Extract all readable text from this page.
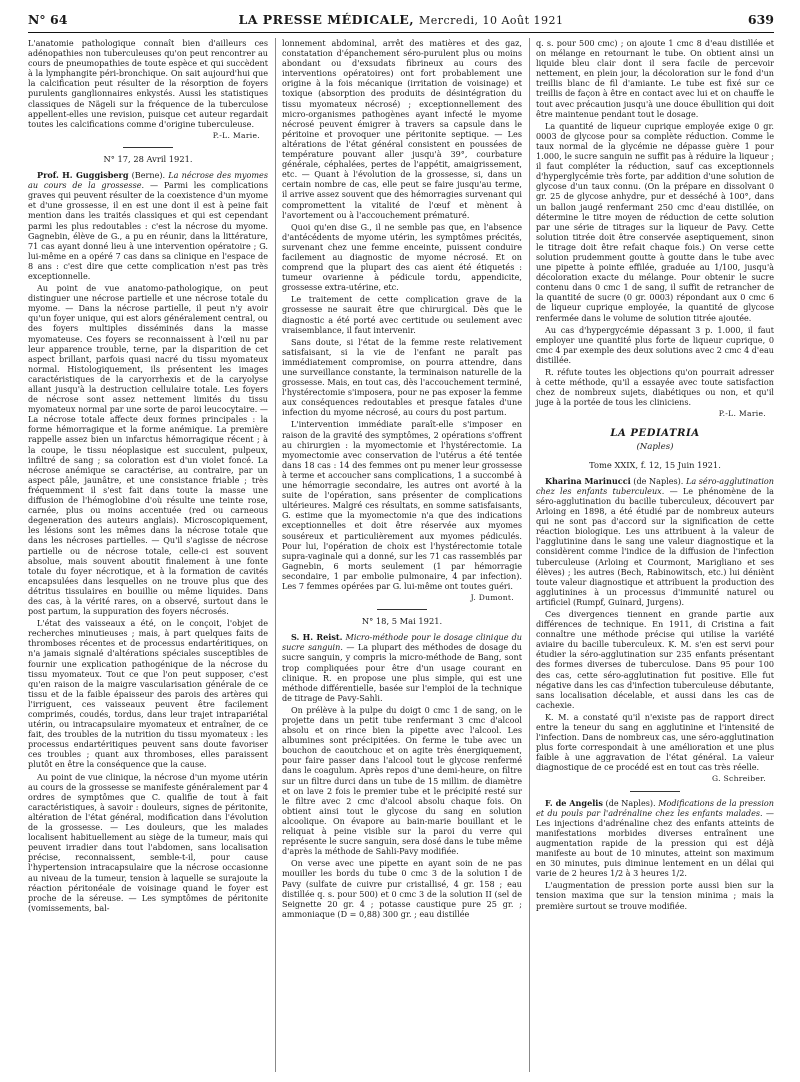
N° 64	LA PRESSE MÉDICALE, Mercredi, 10 Août 1921	639

L'anatomie pathologique connaît bien d'ailleurs ces adénopathies non tuberculeuses qu'on peut rencontrer au cours de pneumopathies de toute espèce et qui succèdent à la lymphangite péri-bronchique. On sait aujourd'hui que la calcification peut résulter de la résorption de foyers purulents ganglionnaires enkystés. Aussi les statistiques classiques de Nägeli sur la fréquence de la tuberculose appellent-elles une revision, puisque cet auteur regardait toutes les calcifications comme d'origine tuberculeuse.

P.-L. Marie.
N° 17, 28 Avril 1921.

Prof. H. Guggisberg (Berne). La nécrose des myomes au cours de la grossesse. — Parmi les complications graves qui peuvent résulter de la coexistence d'un myome et d'une grossesse, il en est une dont il est à peine fait mention dans les traités classiques et qui est cependant parmi les plus redoutables : c'est la nécrose du myome. Gagnebin, élève de G., a pu en réunir, dans la littérature, 71 cas ayant donné lieu à une intervention opératoire ; G. lui-même en a opéré 7 cas dans sa clinique en l'espace de 8 ans : c'est dire que cette complication n'est pas très exceptionnelle.

Au point de vue anatomo-pathologique, on peut distinguer une nécrose partielle et une nécrose totale du myome. — Dans la nécrose partielle, il peut n'y avoir qu'un foyer unique, qui est alors généralement central, ou des foyers multiples disséminés dans la masse myomateuse. Ces foyers se reconnaissent à l'œil nu par leur apparence trouble, terne, par la disparition de cet aspect brillant, parfois quasi nacré du tissu myomateux normal. Histologiquement, ils présentent les images caractéristiques de la caryorrhexis et de la caryolyse allant jusqu'à la destruction cellulaire totale. Les foyers de nécrose sont assez nettement limités du tissu myomateux normal par une sorte de paroi leucocytaire. — La nécrose totale affecte deux formes principales : la forme hémorragique et la forme anémique. La première rappelle assez bien un infarctus hémorragique récent ; à la coupe, le tissu néoplasique est succulent, pulpeux, infiltré de sang ; sa coloration est d'un violet foncé. La nécrose anémique se caractérise, au contraire, par un aspect pâle, jaunâtre, et une consistance friable ; très fréquemment il s'est fait dans toute la masse une diffusion de l'hémoglobine d'où résulte une teinte rose, carnée, plus ou moins accentuée (red ou carneous degeneration des auteurs anglais). Microscopiquement, les lésions sont les mêmes dans la nécrose totale que dans les nécroses partielles. — Qu'il s'agisse de nécrose partielle ou de nécrose totale, celle-ci est souvent absolue, mais souvent aboutit finalement à une fonte totale du foyer nécrotique, et à la formation de cavités encapsulées dans lesquelles on ne trouve plus que des détritus tissulaires en bouillie ou même liquides. Dans des cas, à la vérité rares, on a observé, surtout dans le post partum, la suppuration des foyers nécrosés.

L'état des vaisseaux a été, on le conçoit, l'objet de recherches minutieuses ; mais, à part quelques faits de thromboses récentes et de processus endartéritiques, on n'a jamais signalé d'altérations spéciales susceptibles de fournir une explication pathogénique de la nécrose du tissu myomateux. Tout ce que l'on peut supposer, c'est qu'en raison de la maigre vascularisation générale de ce tissu et de la faible épaisseur des parois des artères qui l'irriguent, ces vaisseaux peuvent être facilement comprimés, coudés, tordus, dans leur trajet intrapariétal utérin, ou intracapsulaire myomateux et entraîner, de ce fait, des troubles de la nutrition du tissu myomateux : les processus endartéritiques peuvent sans doute favoriser ces troubles ; quant aux thromboses, elles paraissent plutôt en être la conséquence que la cause.

Au point de vue clinique, la nécrose d'un myome utérin au cours de la grossesse se manifeste généralement par 4 ordres de symptômes que C. qualifie de tout à fait caractéristiques, à savoir : douleurs, signes de péritonite, altération de l'état général, modification dans l'évolution de la grossesse. — Les douleurs, que les malades localisent habituellement au siège de la tumeur, mais qui peuvent irradier dans tout l'abdomen, sans localisation précise, reconnaissent, semble-t-il, pour cause l'hypertension intracapsulaire que la nécrose occasionne au niveau de la tumeur, tension à laquelle se surajoute la réaction péritonéale de voisinage quand le foyer est proche de la séreuse. — Les symptômes de péritonite (vomissements, bal-

lonnement abdominal, arrêt des matières et des gaz, constatation d'épanchement séro-purulent plus ou moins abondant ou d'exsudats fibrineux au cours des interventions opératoires) ont fort probablement une origine à la fois mécanique (irritation de voisinage) et toxique (absorption des produits de désintégration du tissu myomateux nécrosé) ; exceptionnellement des micro-organismes pathogènes ayant infecté le myome nécrosé peuvent émigrer à travers sa capsule dans le péritoine et provoquer une péritonite septique. — Les altérations de l'état général consistent en poussées de température pouvant aller jusqu'à 39°, courbature générale, céphalées, pertes de l'appétit, amaigrissement, etc. — Quant à l'évolution de la grossesse, si, dans un certain nombre de cas, elle peut se faire jusqu'au terme, il arrive assez souvent que des hémorragies survenant qui compromettent la vitalité de l'œuf et mènent à l'avortement ou à l'accouchement prématuré.

Quoi qu'en dise G., il ne semble pas que, en l'absence d'antécédents de myome utérin, les symptômes précités, survenant chez une femme enceinte, puissent conduire facilement au diagnostic de myome nécrosé. Et on comprend que la plupart des cas aient été étiquetés : tumeur ovarienne à pédicule tordu, appendicite, grossesse extra-utérine, etc.

Le traitement de cette complication grave de la grossesse ne saurait être que chirurgical. Dès que le diagnostic a été porté avec certitude ou seulement avec vraisemblance, il faut intervenir.

Sans doute, si l'état de la femme reste relativement satisfaisant, si la vie de l'enfant ne paraît pas immédiatement compromise, on pourra attendre, dans une surveillance constante, la terminaison naturelle de la grossesse. Mais, en tout cas, dès l'accouchement terminé, l'hystérectomie s'imposera, pour ne pas exposer la femme aux conséquences redoutables et presque fatales d'une infection du myome nécrosé, au cours du post partum.

L'intervention immédiate paraît-elle s'imposer en raison de la gravité des symptômes, 2 opérations s'offrent au chirurgien : la myomectomie et l'hystérectomie. La myomectomie avec conservation de l'utérus a été tentée dans 18 cas : 14 des femmes ont pu mener leur grossesse à terme et accoucher sans complications, 1 a succombé à une hémorragie secondaire, les autres ont avorté à la suite de l'opération, sans présenter de complications ultérieures. Malgré ces résultats, en somme satisfaisants, G. estime que la myomectomie n'a que des indications exceptionnelles et doit être réservée aux myomes souséreux et particulièrement aux myomes pédiculés. Pour lui, l'opération de choix est l'hystérectomie totale supra-vaginale qui a donné, sur les 71 cas rassemblés par Gagnebin, 6 morts seulement (1 par hémorragie secondaire, 1 par embolie pulmonaire, 4 par infection). Les 7 femmes opérées par G. lui-même ont toutes guéri.

J. Dumont.
N° 18, 5 Mai 1921.

S. H. Reist. Micro-méthode pour le dosage clinique du sucre sanguin. — La plupart des méthodes de dosage du sucre sanguin, y compris la micro-méthode de Bang, sont trop compliquées pour être d'un usage courant en clinique. R. en propose une plus simple, qui est une méthode différentielle, basée sur l'emploi de la technique de titrage de Pavy-Sahli.

On prélève à la pulpe du doigt 0 cmc 1 de sang, on le projette dans un petit tube renfermant 3 cmc d'alcool absolu et on rince bien la pipette avec l'alcool. Les albumines sont précipitées. On ferme le tube avec un bouchon de caoutchouc et on agite très énergiquement, pour faire passer dans l'alcool tout le glycose renfermé dans le coagulum. Après repos d'une demi-heure, on filtre sur un filtre durci dans un tube de 15 millim. de diamètre et on lave 2 fois le premier tube et le précipité resté sur le filtre avec 2 cmc d'alcool absolu chaque fois. On obtient ainsi tout le glycose du sang en solution alcoolique. On évapore au bain-marie bouillant et le reliquat à peine visible sur la paroi du verre qui représente le sucre sanguin, sera dosé dans le tube même d'après la méthode de Sahli-Pavy modifiée.

On verse avec une pipette en ayant soin de ne pas mouiller les bords du tube 0 cmc 3 de la solution I de Pavy (sulfate de cuivre pur cristallisé, 4 gr. 158 ; eau distillée q. s. pour 500) et 0 cmc 3 de la solution II (sel de Seignette 20 gr. 4 ; potasse caustique pure 25 gr. ; ammoniaque (D = 0,88) 300 gr. ; eau distillée

q. s. pour 500 cmc) ; on ajoute 1 cmc 8 d'eau distillée et on mélange en retournant le tube. On obtient ainsi un liquide bleu clair dont il sera facile de percevoir nettement, en plein jour, la décoloration sur le fond d'un treillis blanc de fil d'amiante. Le tube est fixé sur ce treillis de façon à être en contact avec lui et on chauffe le tout avec précaution jusqu'à une douce ébullition qui doit être maintenue pendant tout le dosage.

La quantité de liqueur cuprique employée exige 0 gr. 0003 de glycose pour sa complète réduction. Comme le taux normal de la glycémie ne dépasse guère 1 pour 1.000, le sucre sanguin ne suffit pas à réduire la liqueur ; il faut compléter la réduction, sauf cas exceptionnels d'hyperglycémie très forte, par addition d'une solution de glycose d'un taux connu. (On la prépare en dissolvant 0 gr. 25 de glycose anhydre, pur et desséché à 100°, dans un ballon jaugé renfermant 250 cmc d'eau distillée, on détermine le titre moyen de réduction de cette solution par une série de titrages sur la liqueur de Pavy. Cette solution titrée doit être conservée aseptiquement, sinon le titrage doit être refait chaque fois.) On verse cette solution prudemment goutte à goutte dans le tube avec une pipette à pointe effilée, graduée au 1/100, jusqu'à décoloration exacte du mélange. Pour obtenir le sucre contenu dans 0 cmc 1 de sang, il suffit de retrancher de la quantité de sucre (0 gr. 0003) répondant aux 0 cmc 6 de liqueur cuprique employée, la quantité de glycose renfermée dans le volume de solution titrée ajoutée.

Au cas d'hypergycémie dépassant 3 p. 1.000, il faut employer une quantité plus forte de liqueur cuprique, 0 cmc 4 par exemple des deux solutions avec 2 cmc 4 d'eau distillée.

R. réfute toutes les objections qu'on pourrait adresser à cette méthode, qu'il a essayée avec toute satisfaction chez de nombreux sujets, diabétiques ou non, et qu'il juge à la portée de tous les cliniciens.

P.-L. Marie.
LA PEDIATRIA
(Naples)
Tome XXIX, f. 12, 15 Juin 1921.

Kharina Marinucci (de Naples). La séro-agglutination chez les enfants tuberculeux. — Le phénomène de la séro-agglutination du bacille tuberculeux, découvert par Arloing en 1898, a été étudié par de nombreux auteurs qui ne sont pas d'accord sur la signification de cette réaction biologique. Les uns attribuent à la valeur de l'agglutinine dans le sang une valeur diagnostique et la considèrent comme l'indice de la diffusion de l'infection tuberculeuse (Arloing et Courmont, Marigliano et ses élèves) ; les autres (Bech, Rabinowitsch, etc.) lui déniènt toute valeur diagnostique et attribuent la production des agglutinines à un processus d'immunité naturel ou artificiel (Rumpf, Guinard, Jurgens).

Ces divergences tiennent en grande partie aux différences de technique. En 1911, di Cristina a fait connaître une méthode précise qui utilise la variété aviaire du bacille tuberculeux. K. M. s'en est servi pour étudier la séro-agglutination sur 235 enfants présentant des formes diverses de tuberculose. Dans 95 pour 100 des cas, cette séro-agglutination fut positive. Elle fut négative dans les cas d'infection tuberculeuse débutante, sans localisation décelable, et aussi dans les cas de cachexie.

K. M. a constaté qu'il n'existe pas de rapport direct entre la teneur du sang en agglutinine et l'intensité de l'infection. Dans de nombreux cas, une séro-agglutination plus forte correspondait à une amélioration et une plus faible à une aggravation de l'état général. La valeur diagnostique de ce procédé est en tout cas très réelle.

G. Schreiber.

F. de Angelis (de Naples). Modifications de la pression et du pouls par l'adrénaline chez les enfants malades. — Les injections d'adrénaline chez des enfants atteints de manifestations morbides diverses entraînent une augmentation rapide de la pression qui est déjà manifeste au bout de 10 minutes, atteint son maximum en 30 minutes, puis diminue lentement en un délai qui varie de 2 heures 1/2 à 3 heures 1/2.

L'augmentation de pression porte aussi bien sur la tension maxima que sur la tension minima ; mais la première surtout se trouve modifiée.
